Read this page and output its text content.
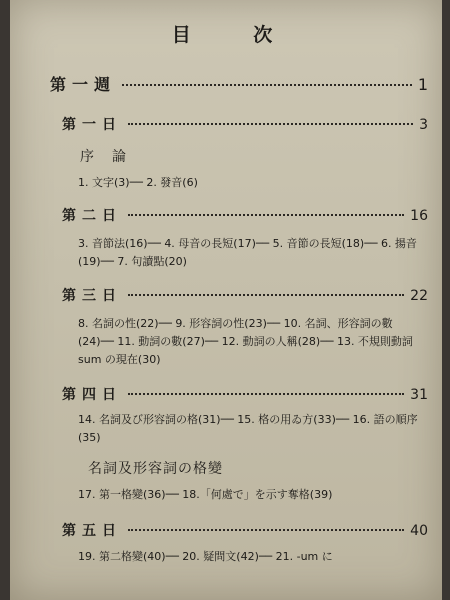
目 次
第一週	1
第一日	3
序論
1. 文字(3)── 2. 發音(6)
第二日	16
3. 音節法(16)── 4. 母音の長短(17)── 5. 音節の長短(18)── 6. 揚音(19)── 7. 句讀點(20)
第三日	22
8. 名詞の性(22)── 9. 形容詞の性(23)── 10. 名詞、形容詞の數(24)── 11. 動詞の數(27)── 12. 動詞の人稱(28)── 13. 不規則動詞 sum の現在(30)
第四日	31
14. 名詞及び形容詞の格(31)── 15. 格の用ゐ方(33)── 16. 語の順序(35)
名詞及形容詞の格變
17. 第一格變(36)── 18.「何處で」を示す奪格(39)
第五日	40
19. 第二格變(40)── 20. 疑問文(42)── 21. -um に
